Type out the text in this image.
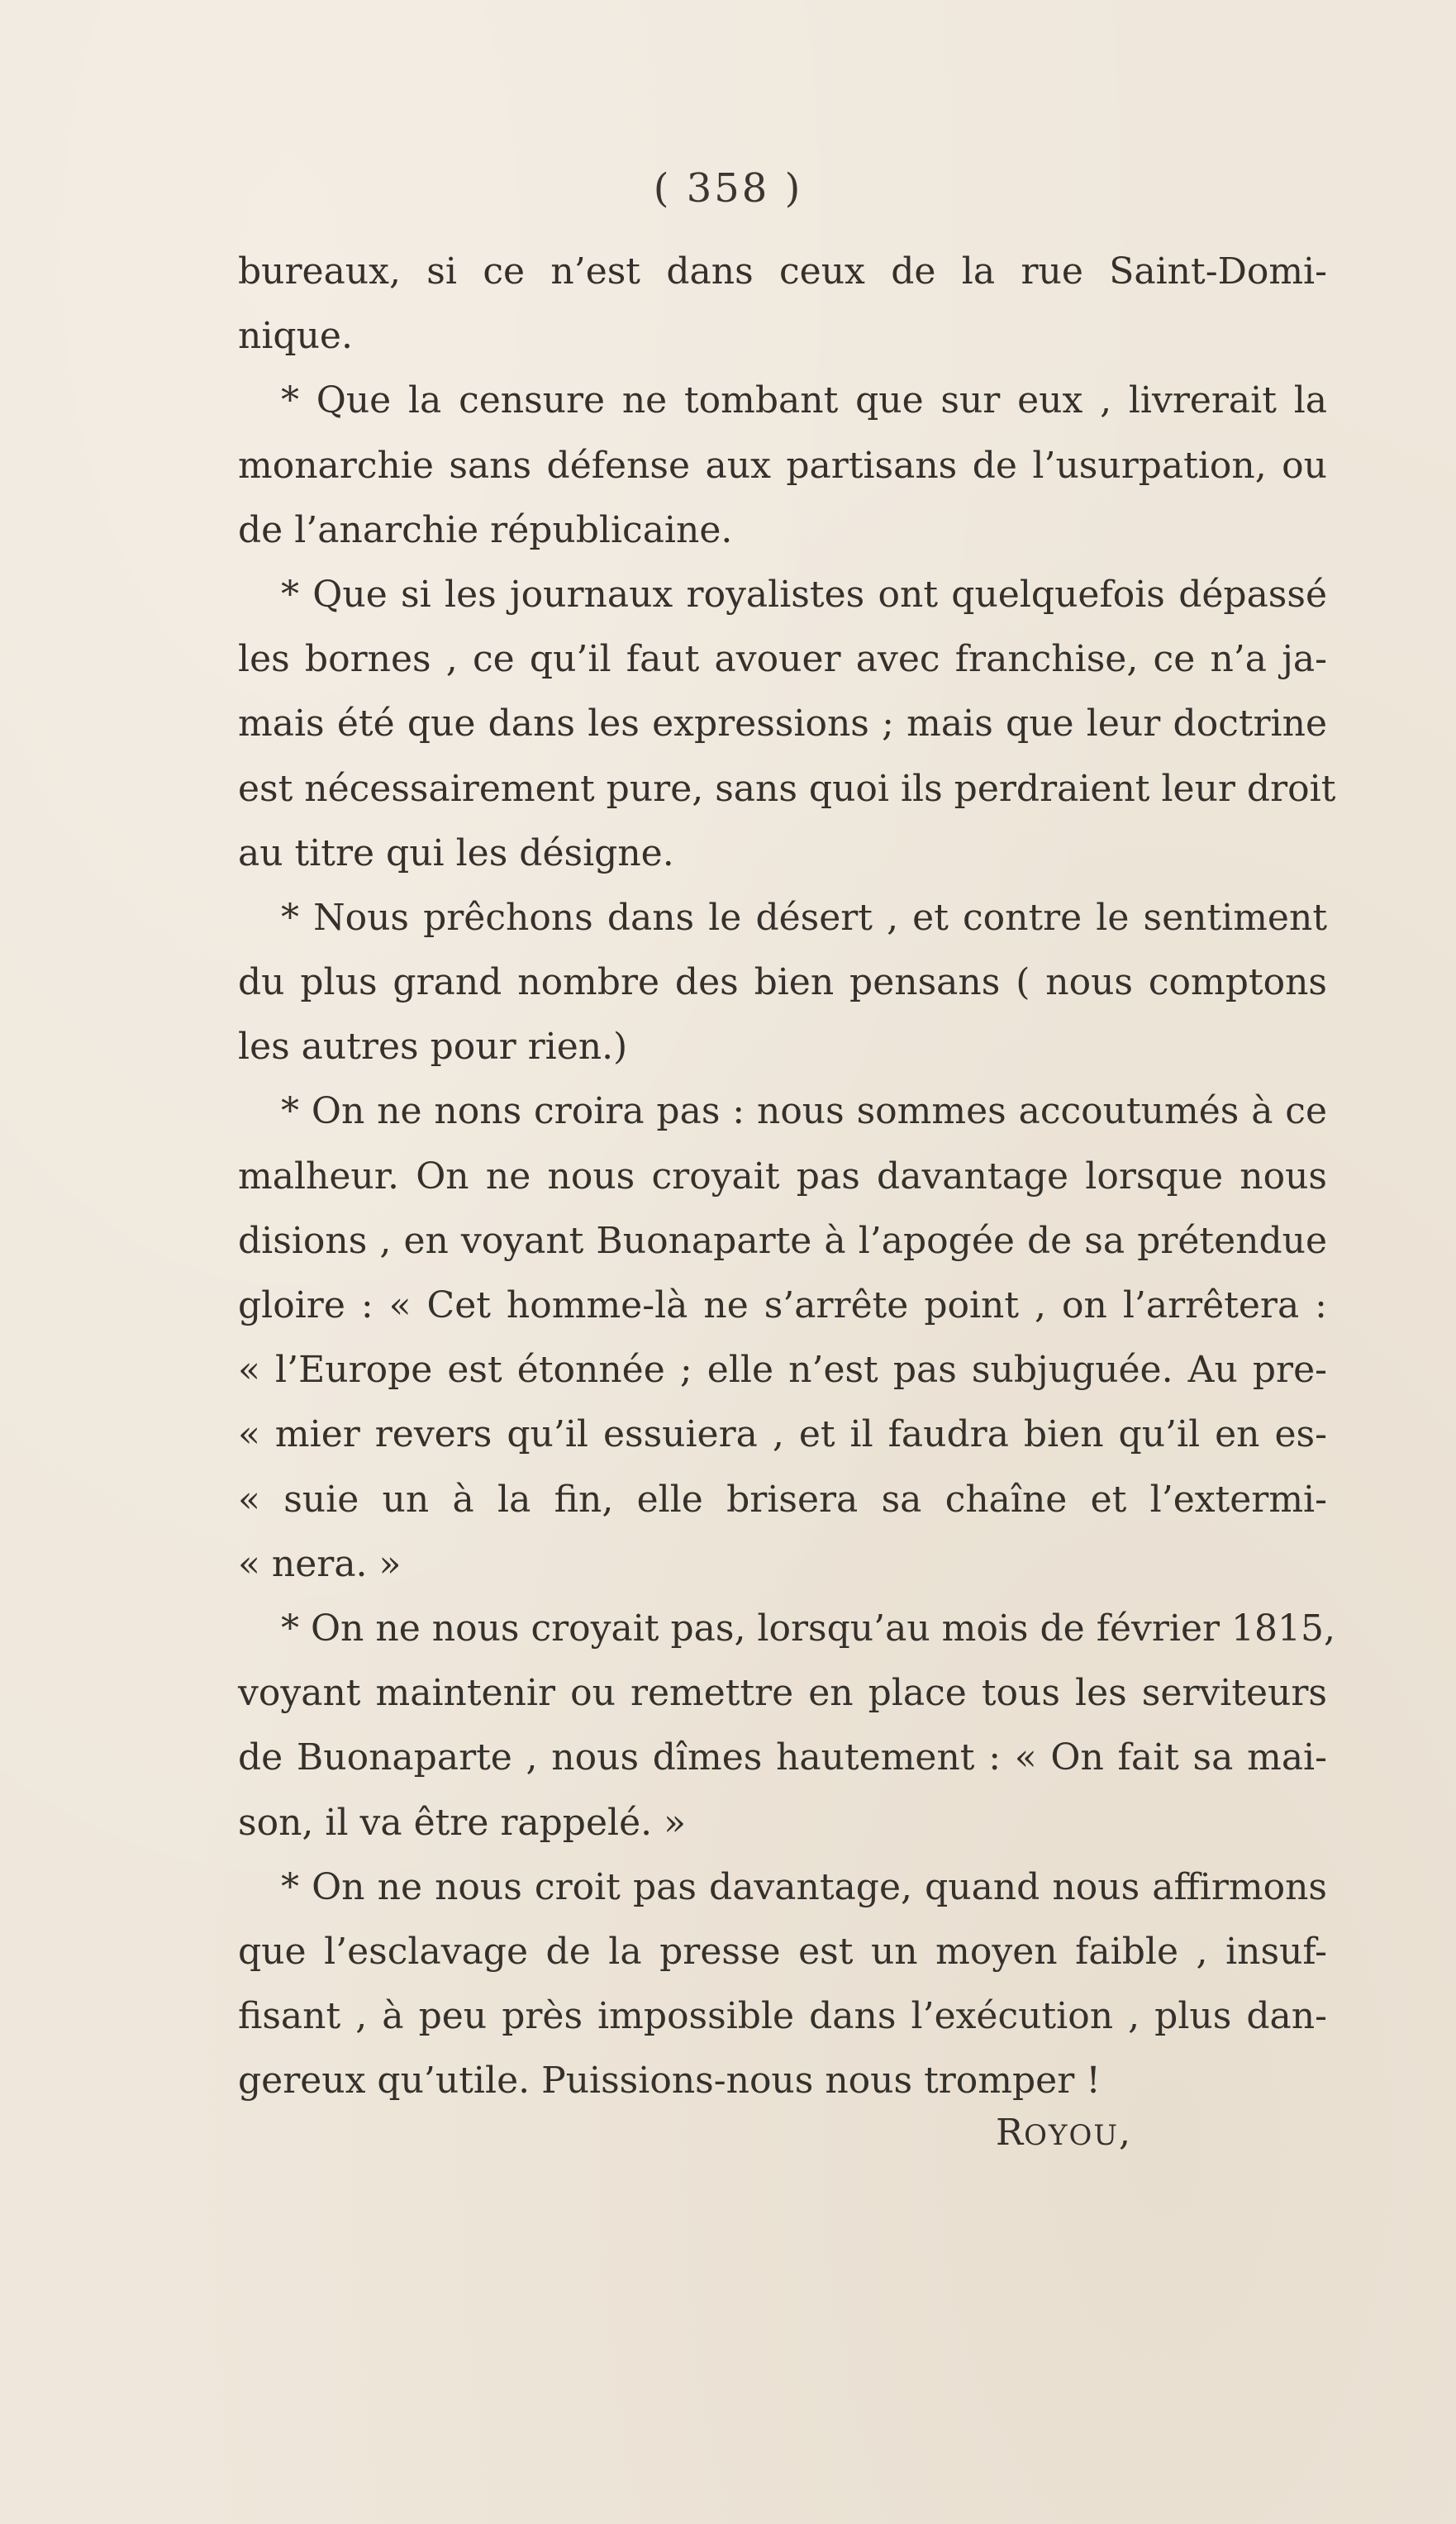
( 358 )
bureaux, si ce n’est dans ceux de la rue Saint-Domi-
nique.
* Que la censure ne tombant que sur eux , livrerait la
monarchie sans défense aux partisans de l’usurpation, ou
de l’anarchie républicaine.
* Que si les journaux royalistes ont quelquefois dépassé
les bornes , ce qu’il faut avouer avec franchise, ce n’a ja-
mais été que dans les expressions ; mais que leur doctrine
est nécessairement pure, sans quoi ils perdraient leur droit
au titre qui les désigne.
* Nous prêchons dans le désert , et contre le sentiment
du plus grand nombre des bien pensans ( nous comptons
les autres pour rien.)
* On ne nons croira pas : nous sommes accoutumés à ce
malheur. On ne nous croyait pas davantage lorsque nous
disions , en voyant Buonaparte à l’apogée de sa prétendue
gloire : « Cet homme-là ne s’arrête point , on l’arrêtera :
« l’Europe est étonnée ; elle n’est pas subjuguée. Au pre-
« mier revers qu’il essuiera , et il faudra bien qu’il en es-
« suie un à la fin, elle brisera sa chaîne et l’extermi-
« nera. »
* On ne nous croyait pas, lorsqu’au mois de février 1815,
voyant maintenir ou remettre en place tous les serviteurs
de Buonaparte , nous dîmes hautement : « On fait sa mai-
son, il va être rappelé. »
* On ne nous croit pas davantage, quand nous affirmons
que l’esclavage de la presse est un moyen faible , insuf-
fisant , à peu près impossible dans l’exécution , plus dan-
gereux qu’utile. Puissions-nous nous tromper !
ROYOU,
